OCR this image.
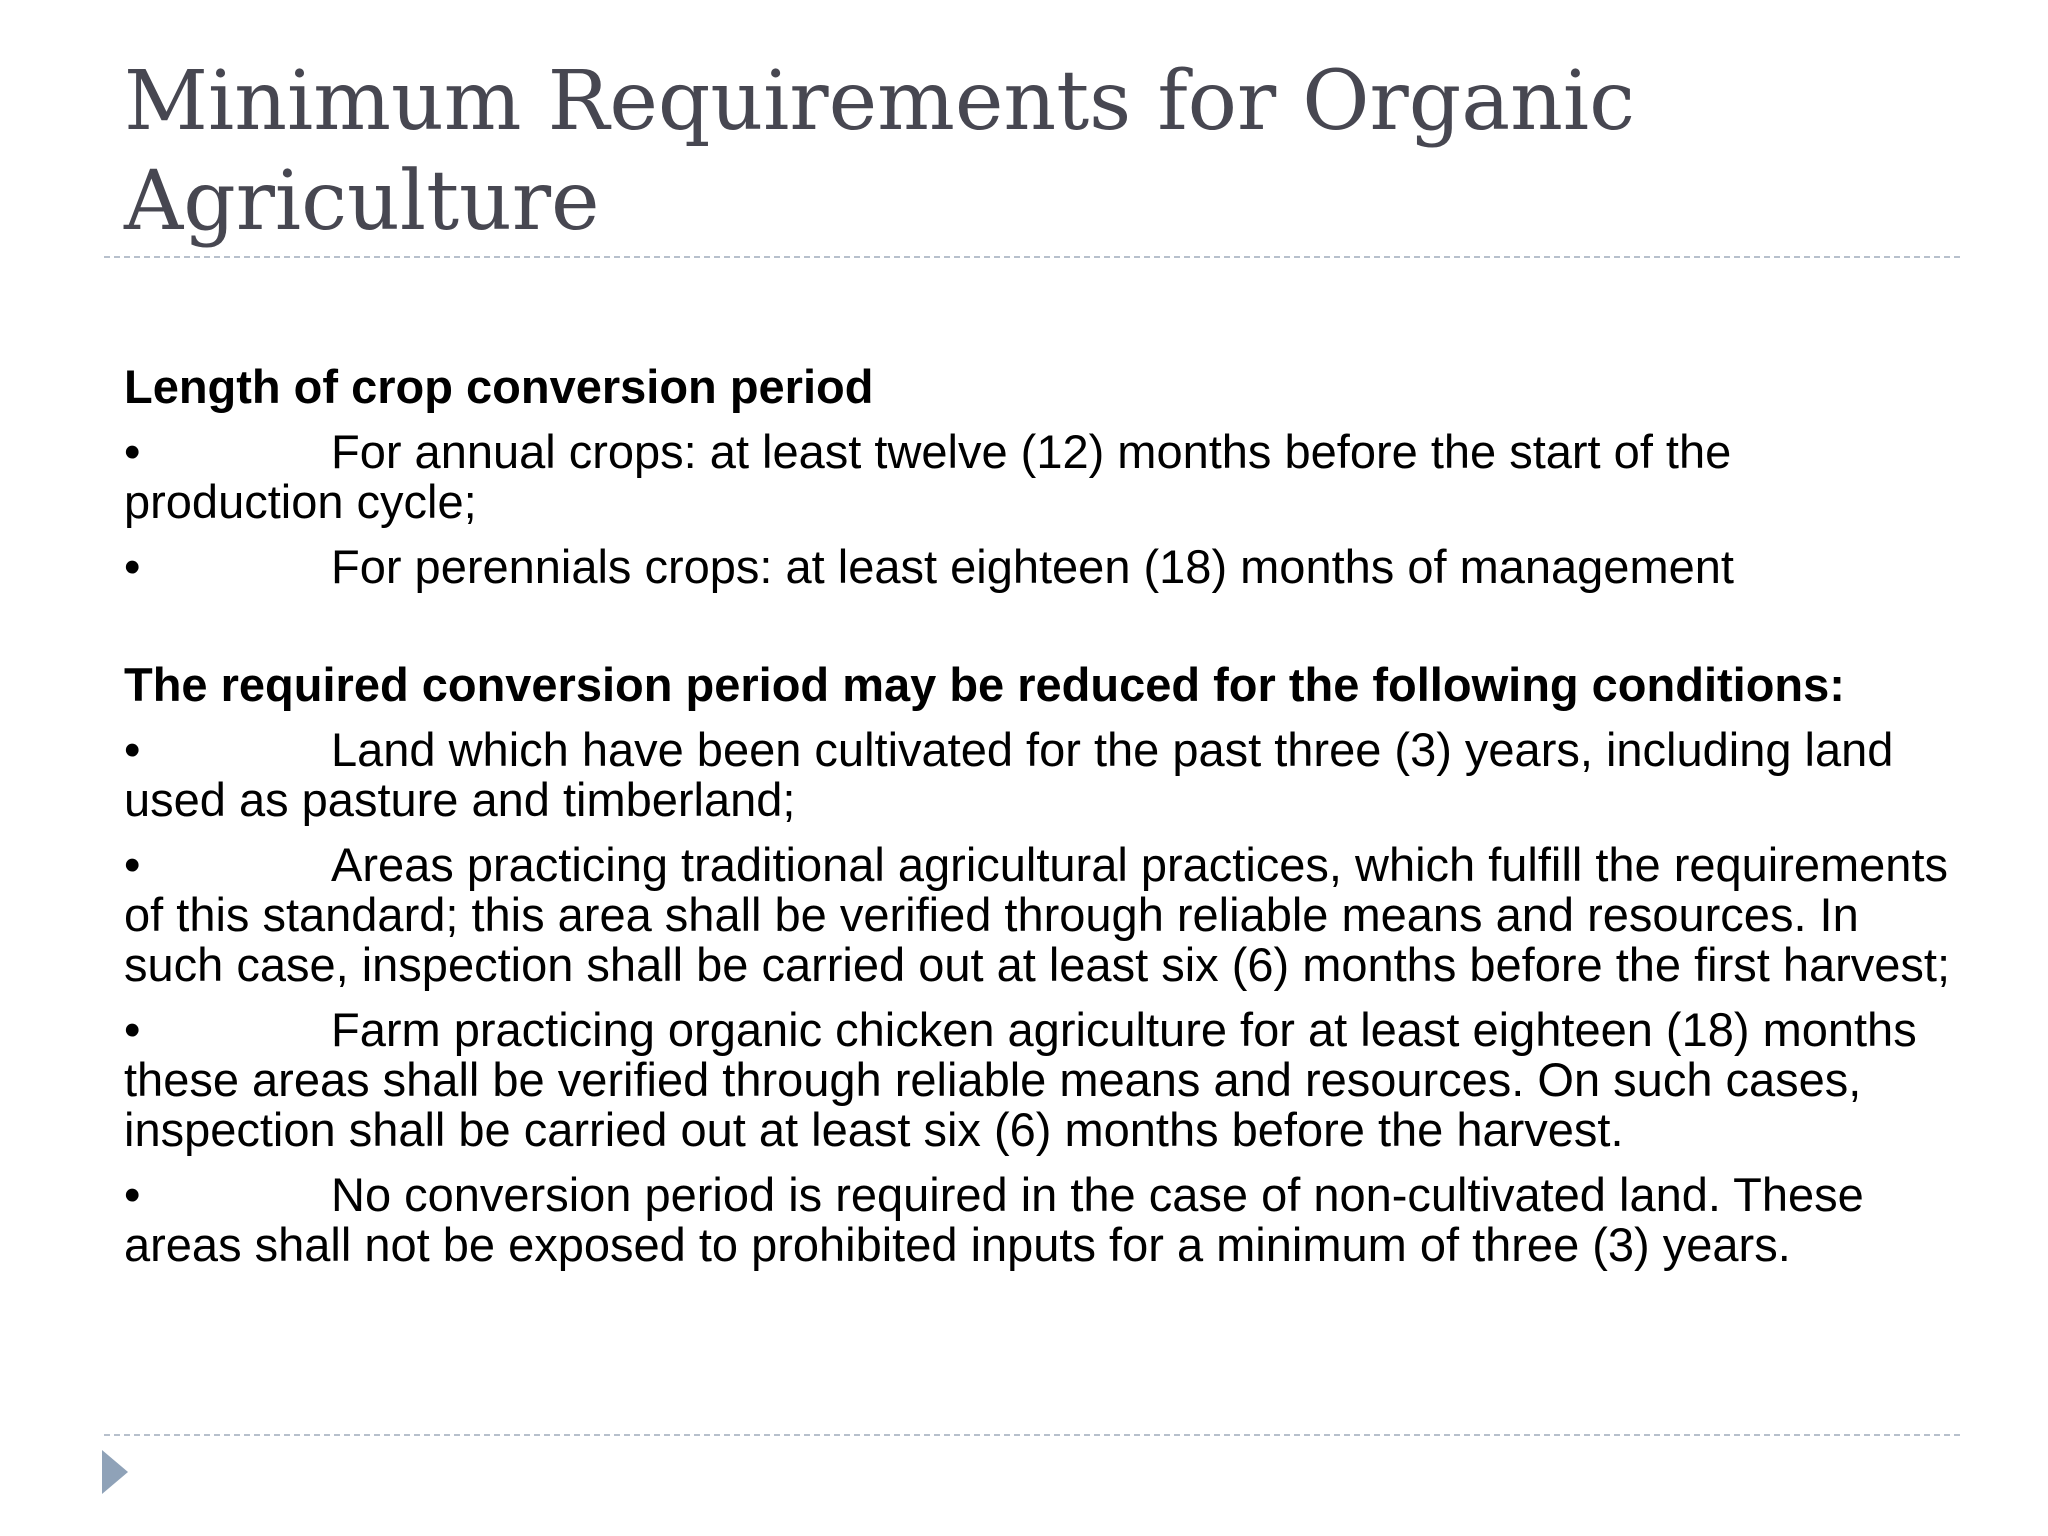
Minimum Requirements for Organic Agriculture

Length of crop conversion period

•	For annual crops: at least twelve (12) months before the start of the production cycle;

•	For perennials crops: at least eighteen (18) months of management

The required conversion period may be reduced for the following conditions:

•	Land which have been cultivated for the past three (3) years, including land used as pasture and timberland;

•	Areas practicing traditional agricultural practices, which fulfill the requirements of this standard; this area shall be verified through reliable means and resources. In such case, inspection shall be carried out at least six (6) months before the first harvest;

•	Farm practicing organic chicken agriculture for at least eighteen (18) months these areas shall be verified through reliable means and resources. On such cases, inspection shall be carried out at least six (6) months before the harvest.

•	No conversion period is required in the case of non-cultivated land. These areas shall not be exposed to prohibited inputs for a minimum of three (3) years.
